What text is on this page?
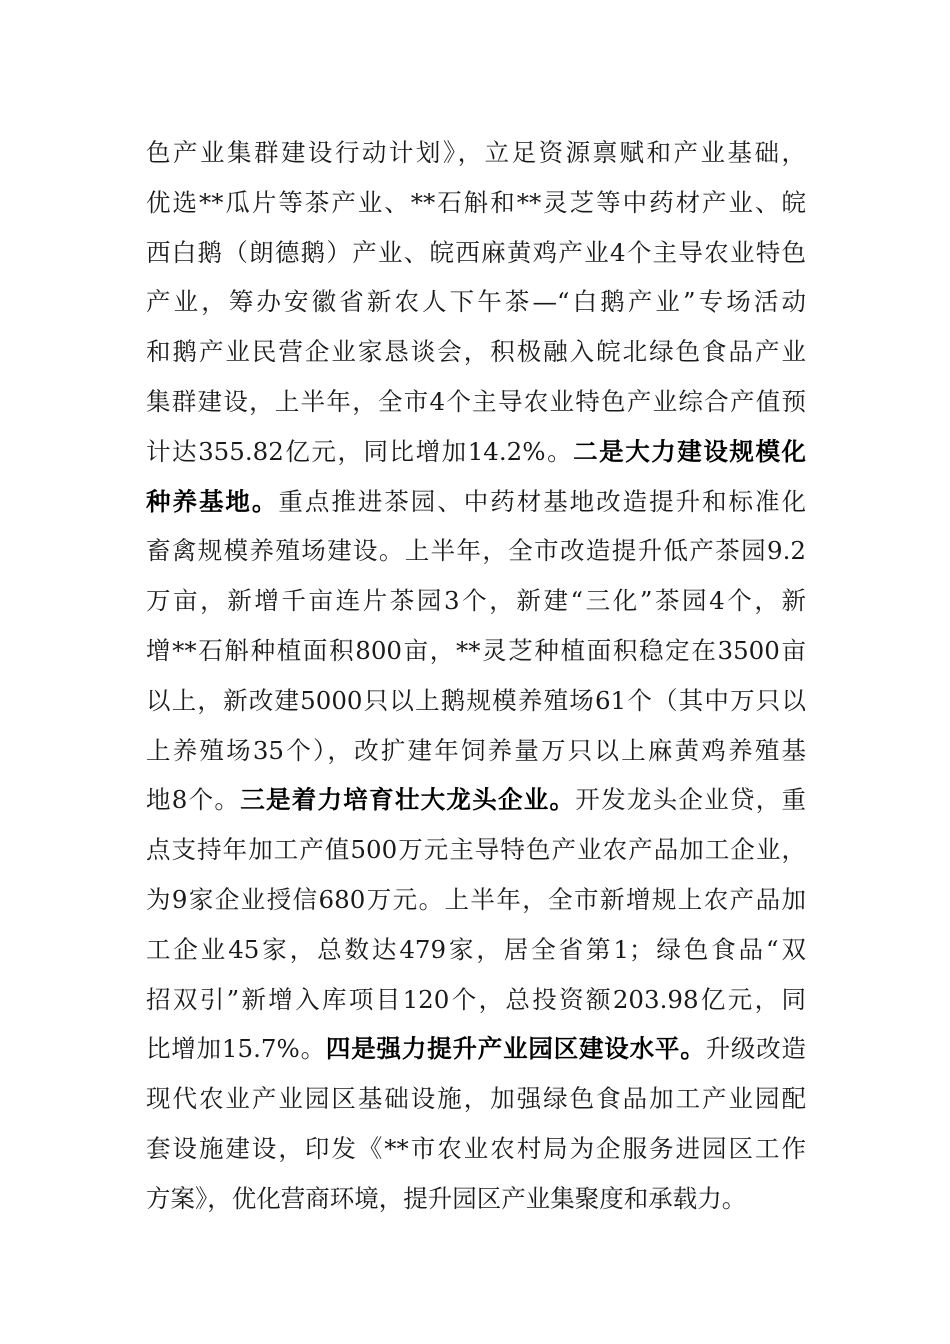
色产业集群建设行动计划》，立足资源禀赋和产业基础，
优选**瓜片等茶产业、**石斛和**灵芝等中药材产业、皖
西白鹅（朗德鹅）产业、皖西麻黄鸡产业4个主导农业特色
产业，筹办安徽省新农人下午茶—“白鹅产业”专场活动
和鹅产业民营企业家恳谈会，积极融入皖北绿色食品产业
集群建设，上半年，全市4个主导农业特色产业综合产值预
计达355.82亿元，同比增加14.2%。二是大力建设规模化
种养基地。重点推进茶园、中药材基地改造提升和标准化
畜禽规模养殖场建设。上半年，全市改造提升低产茶园9.2
万亩，新增千亩连片茶园3个，新建“三化”茶园4个，新
增**石斛种植面积800亩，**灵芝种植面积稳定在3500亩
以上，新改建5000只以上鹅规模养殖场61个（其中万只以
上养殖场35个），改扩建年饲养量万只以上麻黄鸡养殖基
地8个。三是着力培育壮大龙头企业。开发龙头企业贷，重
点支持年加工产值500万元主导特色产业农产品加工企业，
为9家企业授信680万元。上半年，全市新增规上农产品加
工企业45家，总数达479家，居全省第1；绿色食品“双
招双引”新增入库项目120个，总投资额203.98亿元，同
比增加15.7%。四是强力提升产业园区建设水平。升级改造
现代农业产业园区基础设施，加强绿色食品加工产业园配
套设施建设，印发《**市农业农村局为企服务进园区工作
方案》，优化营商环境，提升园区产业集聚度和承载力。
